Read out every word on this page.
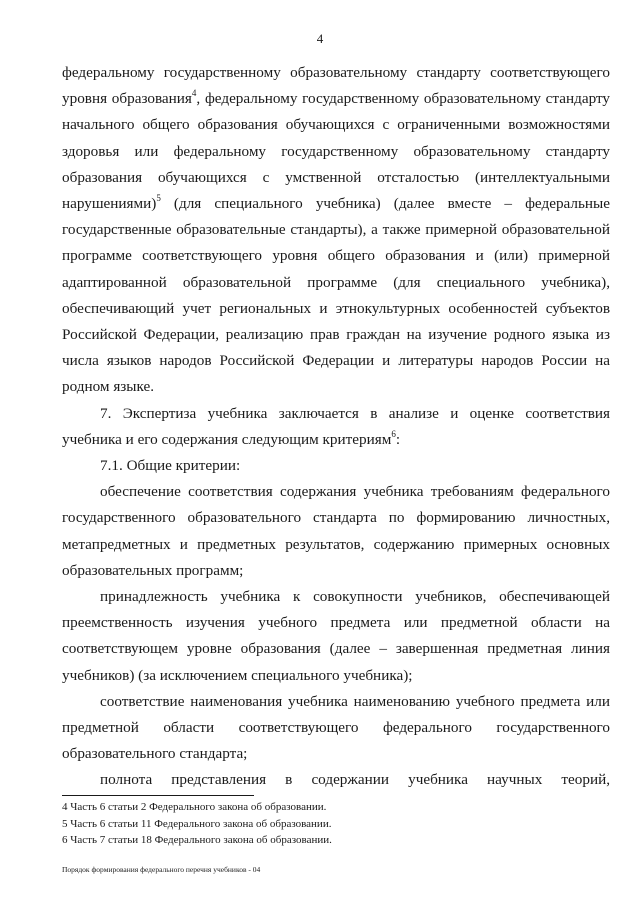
4

федеральному государственному образовательному стандарту соответствующего уровня образования$^4$, федеральному государственному образовательному стандарту начального общего образования обучающихся с ограниченными возможностями здоровья или федеральному государственному образовательному стандарту образования обучающихся с умственной отсталостью (интеллектуальными нарушениями)$^5$ (для специального учебника) (далее вместе – федеральные государственные образовательные стандарты), а также примерной образовательной программе соответствующего уровня общего образования и (или) примерной адаптированной образовательной программе (для специального учебника), обеспечивающий учет региональных и этнокультурных особенностей субъектов Российской Федерации, реализацию прав граждан на изучение родного языка из числа языков народов Российской Федерации и литературы народов России на родном языке.

7. Экспертиза учебника заключается в анализе и оценке соответствия учебника и его содержания следующим критериям$^6$:

7.1. Общие критерии:

обеспечение соответствия содержания учебника требованиям федерального государственного образовательного стандарта по формированию личностных, метапредметных и предметных результатов, содержанию примерных основных образовательных программ;

принадлежность учебника к совокупности учебников, обеспечивающей преемственность изучения учебного предмета или предметной области на соответствующем уровне образования (далее – завершенная предметная линия учебников) (за исключением специального учебника);

соответствие наименования учебника наименованию учебного предмета или предметной области соответствующего федерального государственного образовательного стандарта;

полнота представления в содержании учебника научных теорий,

4 Часть 6 статьи 2 Федерального закона об образовании.
5 Часть 6 статьи 11 Федерального закона об образовании.
6 Часть 7 статьи 18 Федерального закона об образовании.
Порядок формирования федерального перечня учебников - 04
